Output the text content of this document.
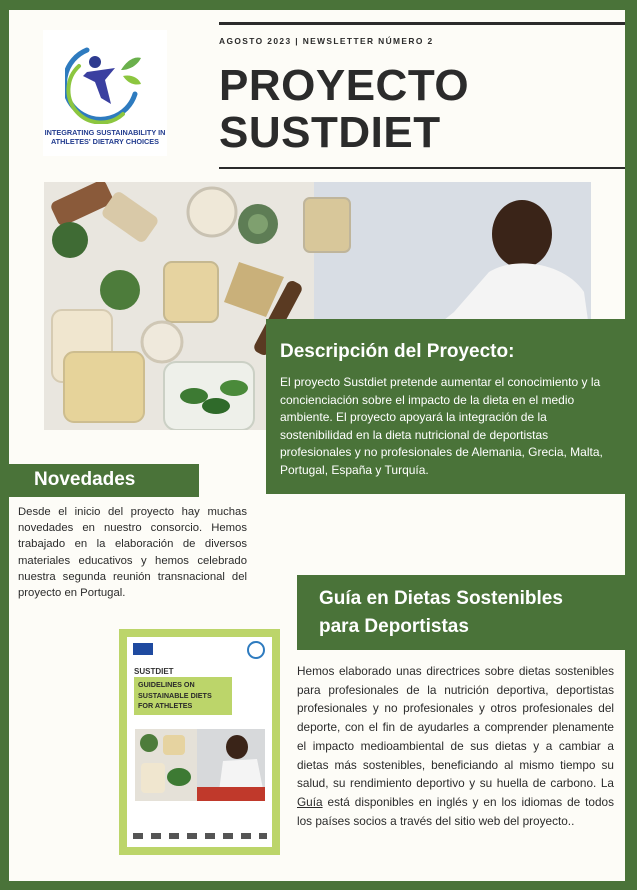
INTEGRATING SUSTAINABILITY IN
ATHLETES' DIETARY CHOICES
AGOSTO 2023 | NEWSLETTER NÚMERO 2
PROYECTO
SUSTDIET
Descripción del Proyecto:
El proyecto Sustdiet pretende aumentar el conocimiento y la concienciación sobre el impacto de la dieta en el medio ambiente. El proyecto apoyará la integración de la sostenibilidad en la dieta nutricional de deportistas profesionales y no profesionales de Alemania, Grecia, Malta, Portugal, España y Turquía.
Novedades
Desde el inicio del proyecto hay muchas novedades en nuestro consorcio. Hemos trabajado en la elaboración de diversos materiales educativos y hemos celebrado nuestra segunda reunión transnacional del proyecto en Portugal.
SUSTDIET
GUIDELINES ON
SUSTAINABLE DIETS
FOR ATHLETES
Guía en Dietas Sostenibles
para Deportistas
Hemos elaborado unas directrices sobre dietas sostenibles para profesionales de la nutrición deportiva, deportistas profesionales y no profesionales y otros profesionales del deporte, con el fin de ayudarles a comprender plenamente el impacto medioambiental de sus dietas y a cambiar a dietas más sostenibles, beneficiando al mismo tiempo su salud, su rendimiento deportivo y su huella de carbono. La Guía está disponibles en inglés y en los idiomas de todos los países socios a través del sitio web del proyecto..
